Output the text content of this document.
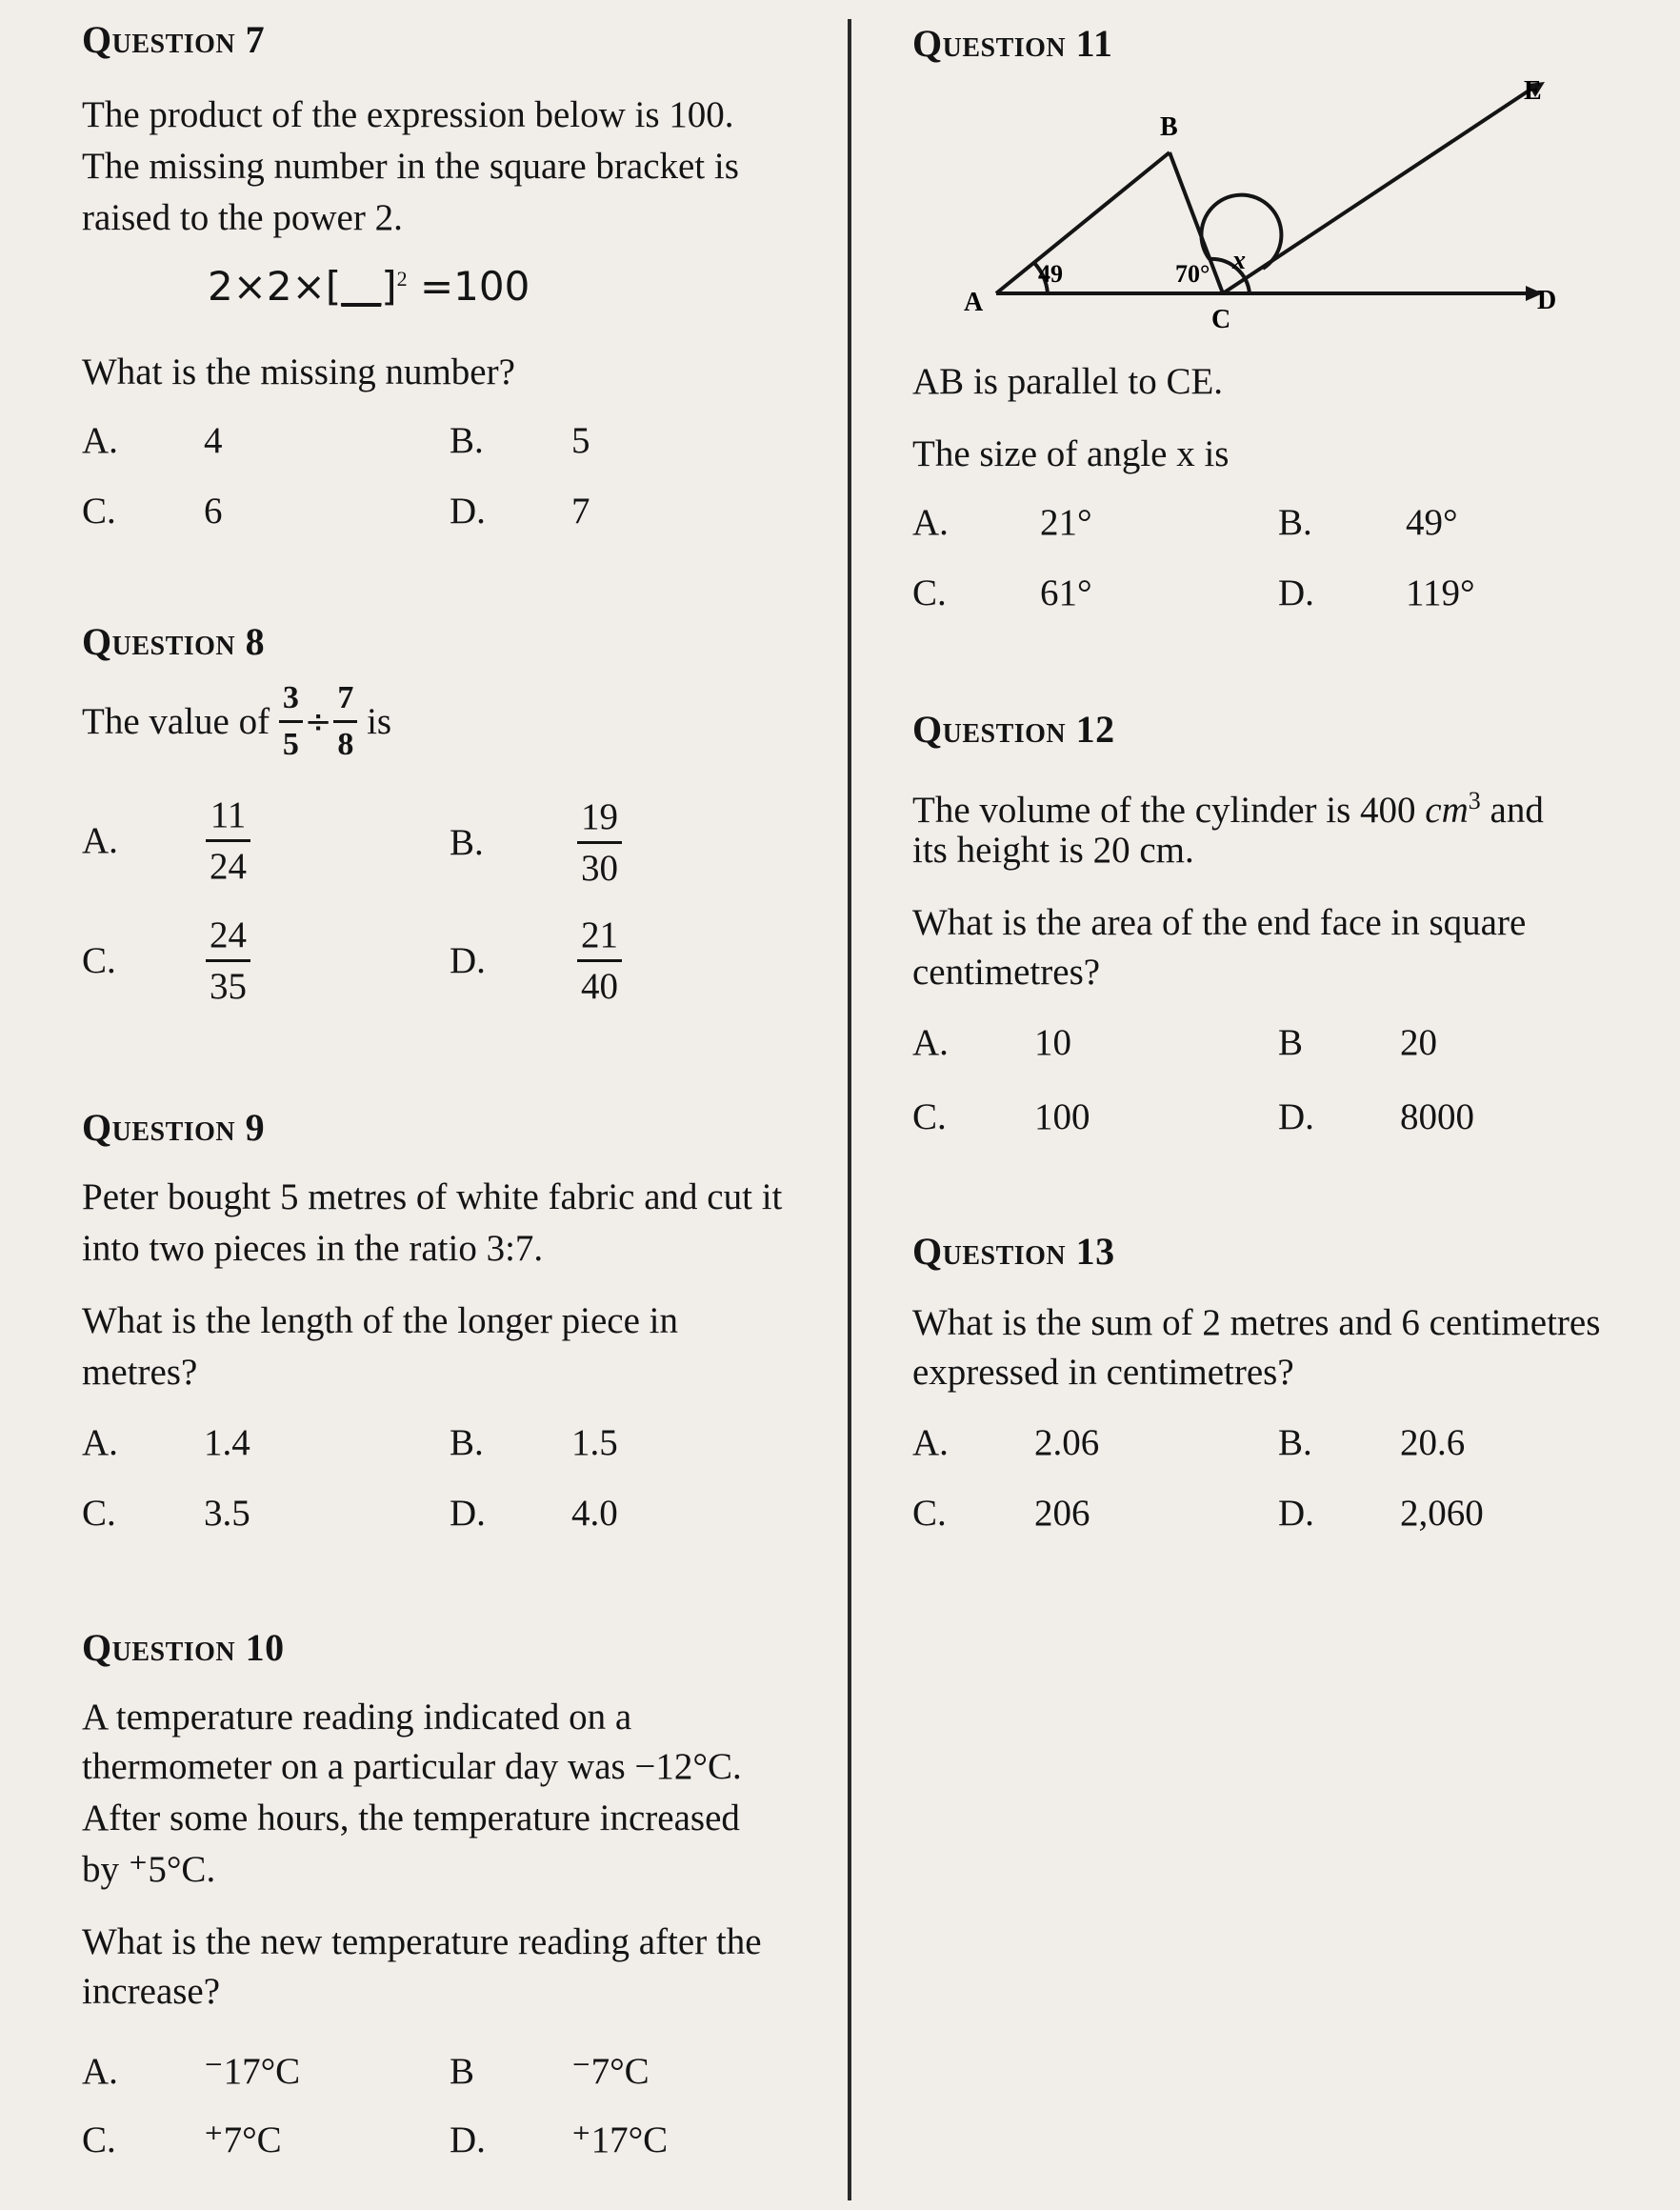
Question 7

The product of the expression below is 100.

The missing number in the square bracket is

raised to the power 2.

2×2×[__]$^2$ =100

What is the missing number?

A. 4	B. 5
C. 6	D. 7

Question 8

The value of $\frac{3}{5} \div \frac{7}{8}$ is
A. $\frac{11}{24}$	B.	$\frac{19}{30}$
C. $\frac{24}{35}$	D. $\frac{21}{40}$

Question 9

Peter bought 5 metres of white fabric and cut it

into two pieces in the ratio 3:7.

What is the length of the longer piece in

metres?

A. 1.4	B. 1.5
C. 3.5	D. 4.0

Question 10

A temperature reading indicated on a

thermometer on a particular day was −12°C.

After some hours, the temperature increased

by ⁺5°C.

What is the new temperature reading after the

increase?

A. ⁻17°C	B	⁻7°C
C. ⁺7°C	D. ⁺17°C

Question 11

A
B
C
D
E
49	70° x

AB is parallel to CE.

The size of angle x is

A. 21°	B.	49°
C.	61°	D. 119°

Question 12

The volume of the cylinder is 400 $cm^3$ and

its height is 20 cm.

What is the area of the end face in square

centimetres?

A. 10	B	20
C. 100	D. 8000

Question 13

What is the sum of 2 metres and 6 centimetres

expressed in centimetres?

A. 2.06	B. 20.6
C. 206	D. 2,060
